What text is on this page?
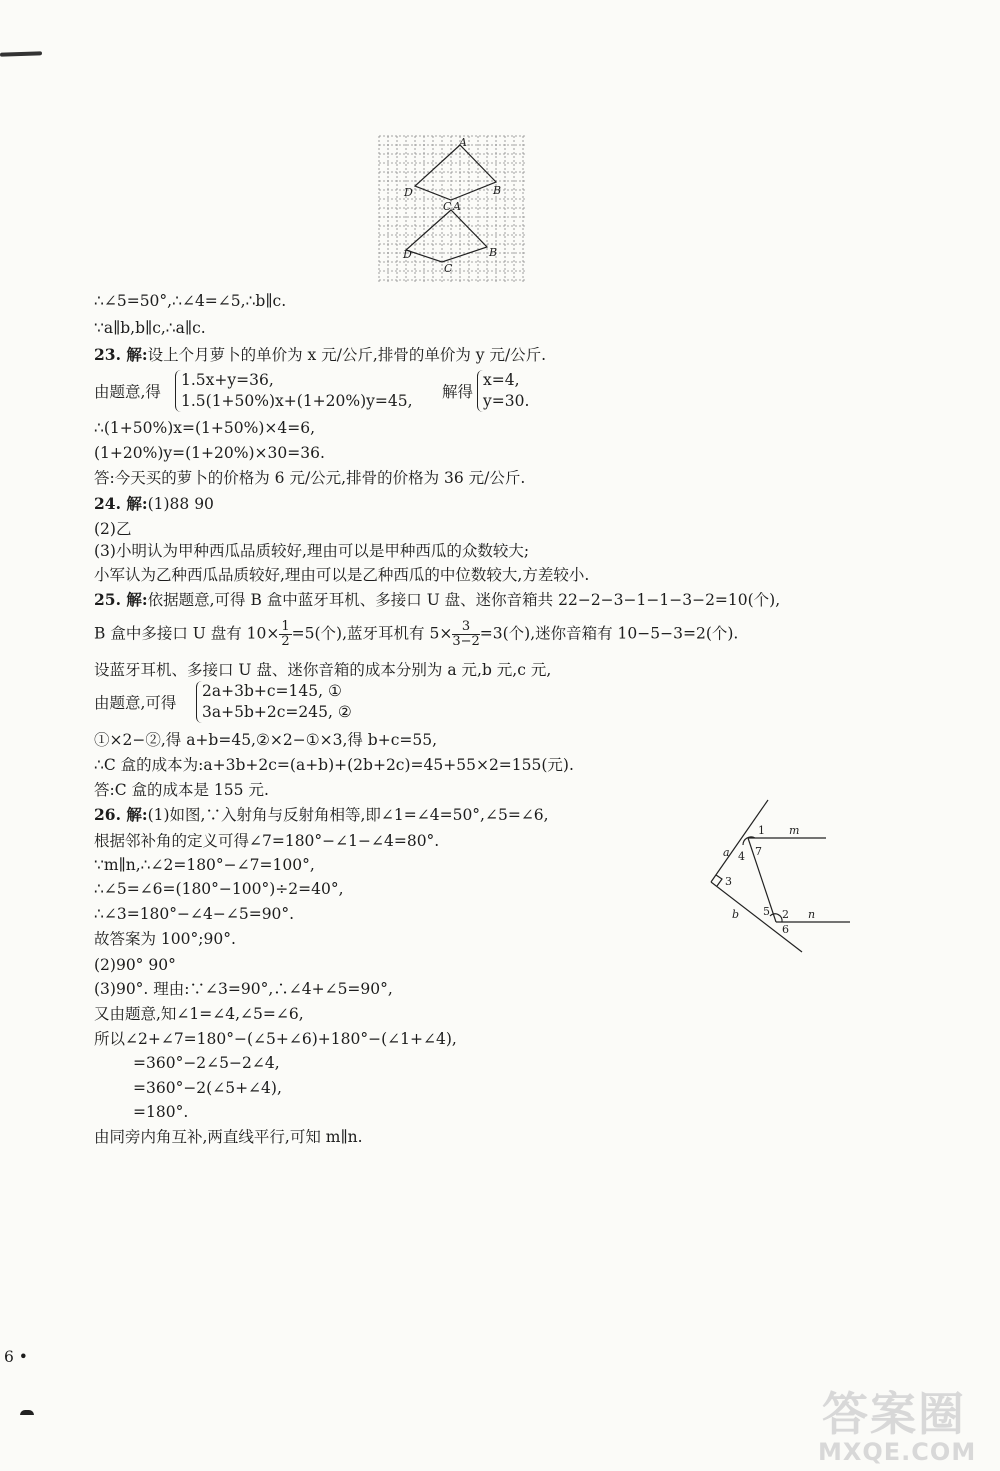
A
D	B
C A
D	B
C
∴∠5=50°,∴∠4=∠5,∴b∥c.
∵a∥b,b∥c,∴a∥c.
23. 解:设上个月萝卜的单价为 x 元/公斤,排骨的单价为 y 元/公斤.
由题意,得
1.5x+y=36,
1.5(1+50%)x+(1+20%)y=45, 解得
x=4,
y=30.
∴(1+50%)x=(1+50%)×4=6,
(1+20%)y=(1+20%)×30=36.
答:今天买的萝卜的价格为 6 元/公元,排骨的价格为 36 元/公斤.
24. 解:(1)88 90
(2)乙
(3)小明认为甲种西瓜品质较好,理由可以是甲种西瓜的众数较大;
小军认为乙种西瓜品质较好,理由可以是乙种西瓜的中位数较大,方差较小.
25. 解:依据题意,可得 B 盒中蓝牙耳机、多接口 U 盘、迷你音箱共 22−2−3−1−1−3−2=10(个),
B 盒中多接口 U 盘有 $10\times \frac{1}{2} =5$(个),蓝牙耳机有 $5\times \frac{3}{3-2} =3$(个),迷你音箱有 10−5−3=2(个).
设蓝牙耳机、多接口 U 盘、迷你音箱的成本分别为 a 元,b 元,c 元,
由题意,可得
2a+3b+c=145, ①
3a+5b+2c=245, ②
①×2−②,得 a+b=45,②×2−①×3,得 b+c=55,
∴C 盒的成本为:a+3b+2c=(a+b)+(2b+2c)=45+55×2=155(元).
答:C 盒的成本是 155 元.
26. 解:(1)如图,∵入射角与反射角相等,即∠1=∠4=50°,∠5=∠6,
根据邻补角的定义可得∠7=180°−∠1−∠4=80°.
∵m∥n,∴∠2=180°−∠7=100°,
∴∠5=∠6=(180°−100°)÷2=40°,
∴∠3=180°−∠4−∠5=90°.
故答案为 100°;90°.
(2)90° 90°
(3)90°. 理由:∵∠3=90°,∴∠4+∠5=90°,
又由题意,知∠1=∠4,∠5=∠6,
所以∠2+∠7=180°−(∠5+∠6)+180°−(∠1+∠4),
=360°−2∠5−2∠4,
=360°−2(∠5+∠4),
=180°.
由同旁内角互补,两直线平行,可知 m∥n.
m
n
a
b
1
4 7
3
5 2
6
6 •
答案圈
MXQE.COM
